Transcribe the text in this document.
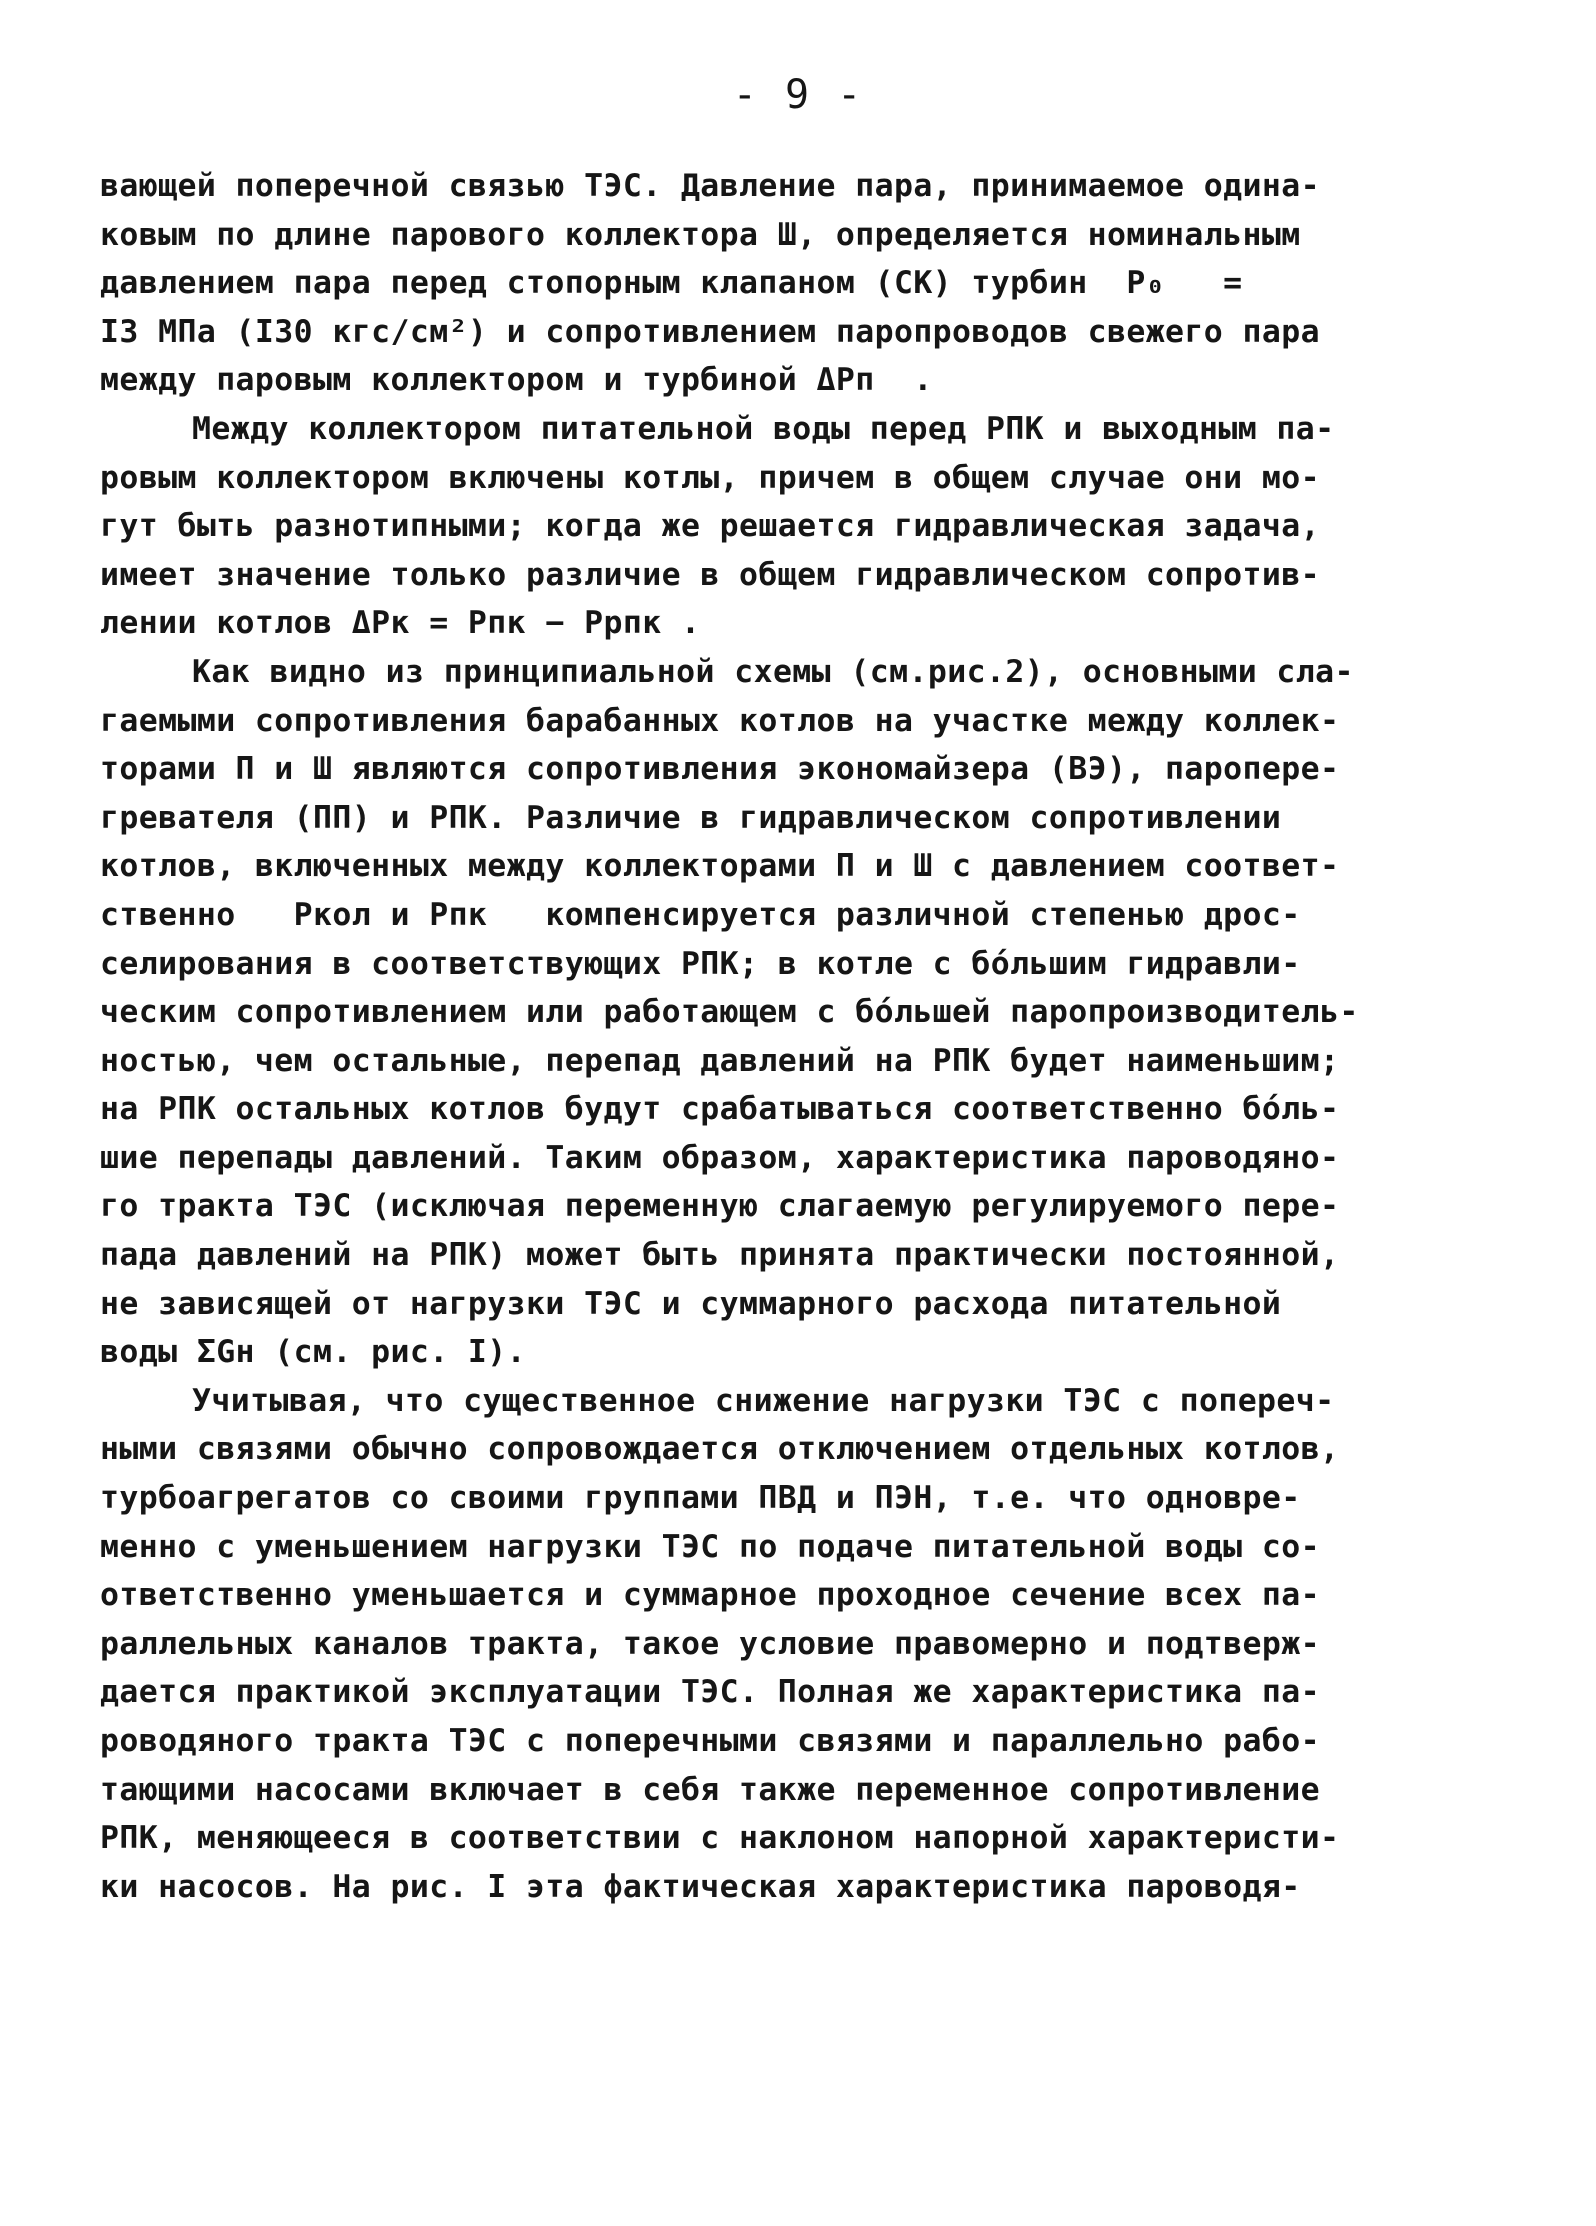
- 9 -
вающей поперечной связью ТЭС. Давление пара, принимаемое одина-
ковым по длине парового коллектора Ш, определяется номинальным
давлением пара перед стопорным клапаном (СК) турбин  P₀   =
I3 МПа (I30 кгс/см²) и сопротивлением паропроводов свежего пара
между паровым коллектором и турбиной ΔPп  .
Между коллектором питательной воды перед РПК и выходным па-
ровым коллектором включены котлы, причем в общем случае они мо-
гут быть разнотипными; когда же решается гидравлическая задача,
имеет значение только различие в общем гидравлическом сопротив-
лении котлов ΔPк = Pпк − Pрпк .
Как видно из принципиальной схемы (см.рис.2), основными сла-
гаемыми сопротивления барабанных котлов на участке между коллек-
торами П и Ш являются сопротивления экономайзера (ВЭ), паропере-
гревателя (ПП) и РПК. Различие в гидравлическом сопротивлении
котлов, включенных между коллекторами П и Ш с давлением соответ-
ственно   Pкол и Pпк   компенсируется различной степенью дрос-
селирования в соответствующих РПК; в котле с бо́льшим гидравли-
ческим сопротивлением или работающем с бо́льшей паропроизводитель-
ностью, чем остальные, перепад давлений на РПК будет наименьшим;
на РПК остальных котлов будут срабатываться соответственно бо́ль-
шие перепады давлений. Таким образом, характеристика пароводяно-
го тракта ТЭС (исключая переменную слагаемую регулируемого пере-
пада давлений на РПК) может быть принята практически постоянной,
не зависящей от нагрузки ТЭС и суммарного расхода питательной
воды ΣGн (см. рис. I).
Учитывая, что существенное снижение нагрузки ТЭС с попереч-
ными связями обычно сопровождается отключением отдельных котлов,
турбоагрегатов со своими группами ПВД и ПЭН, т.е. что одновре-
менно с уменьшением нагрузки ТЭС по подаче питательной воды со-
ответственно уменьшается и суммарное проходное сечение всех па-
раллельных каналов тракта, такое условие правомерно и подтверж-
дается практикой эксплуатации ТЭС. Полная же характеристика па-
роводяного тракта ТЭС с поперечными связями и параллельно рабо-
тающими насосами включает в себя также переменное сопротивление
РПК, меняющееся в соответствии с наклоном напорной характеристи-
ки насосов. На рис. I эта фактическая характеристика пароводя-
